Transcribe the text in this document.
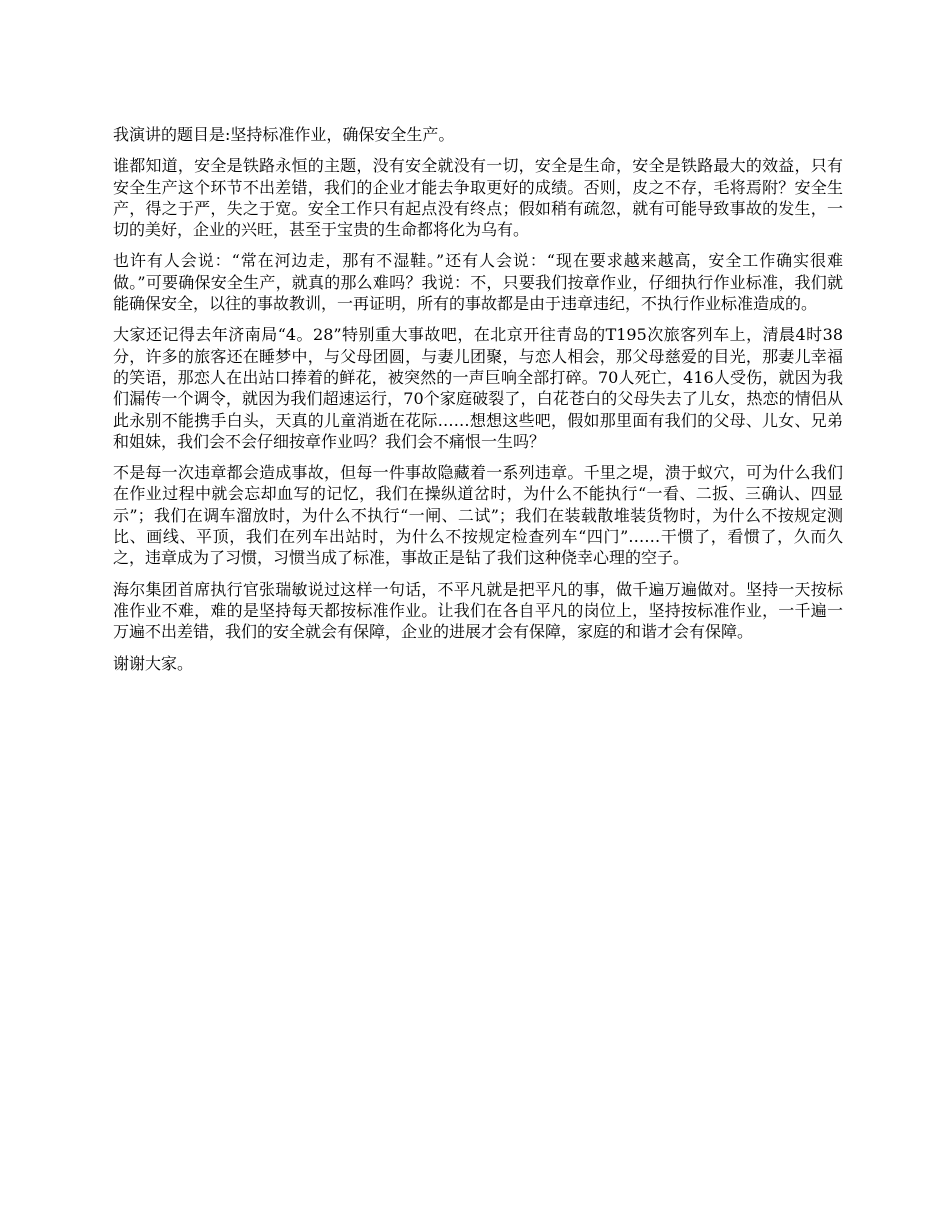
我演讲的题目是:坚持标准作业，确保安全生产。

谁都知道，安全是铁路永恒的主题，没有安全就没有一切，安全是生命，安全是铁路最大的效益，只有安全生产这个环节不出差错，我们的企业才能去争取更好的成绩。否则，皮之不存，毛将焉附？安全生产，得之于严，失之于宽。安全工作只有起点没有终点；假如稍有疏忽，就有可能导致事故的发生，一切的美好，企业的兴旺，甚至于宝贵的生命都将化为乌有。

也许有人会说：“常在河边走，那有不湿鞋。”还有人会说：“现在要求越来越高，安全工作确实很难做。”可要确保安全生产，就真的那么难吗？我说：不，只要我们按章作业，仔细执行作业标准，我们就能确保安全，以往的事故教训，一再证明，所有的事故都是由于违章违纪，不执行作业标准造成的。

大家还记得去年济南局“4。28”特别重大事故吧，在北京开往青岛的T195次旅客列车上，清晨4时38分，许多的旅客还在睡梦中，与父母团圆，与妻儿团聚，与恋人相会，那父母慈爱的目光，那妻儿幸福的笑语，那恋人在出站口捧着的鲜花，被突然的一声巨响全部打碎。70人死亡，416人受伤，就因为我们漏传一个调令，就因为我们超速运行，70个家庭破裂了，白花苍白的父母失去了儿女，热恋的情侣从此永别不能携手白头，天真的儿童消逝在花际……想想这些吧，假如那里面有我们的父母、儿女、兄弟和姐妹，我们会不会仔细按章作业吗？我们会不痛恨一生吗？

不是每一次违章都会造成事故，但每一件事故隐藏着一系列违章。千里之堤，溃于蚁穴，可为什么我们在作业过程中就会忘却血写的记忆，我们在操纵道岔时，为什么不能执行“一看、二扳、三确认、四显示”；我们在调车溜放时，为什么不执行“一闸、二试”；我们在装载散堆装货物时，为什么不按规定测比、画线、平顶，我们在列车出站时，为什么不按规定检查列车“四门”……干惯了，看惯了，久而久之，违章成为了习惯，习惯当成了标准，事故正是钻了我们这种侥幸心理的空子。

海尔集团首席执行官张瑞敏说过这样一句话，不平凡就是把平凡的事，做千遍万遍做对。坚持一天按标准作业不难，难的是坚持每天都按标准作业。让我们在各自平凡的岗位上，坚持按标准作业，一千遍一万遍不出差错，我们的安全就会有保障，企业的进展才会有保障，家庭的和谐才会有保障。

谢谢大家。
